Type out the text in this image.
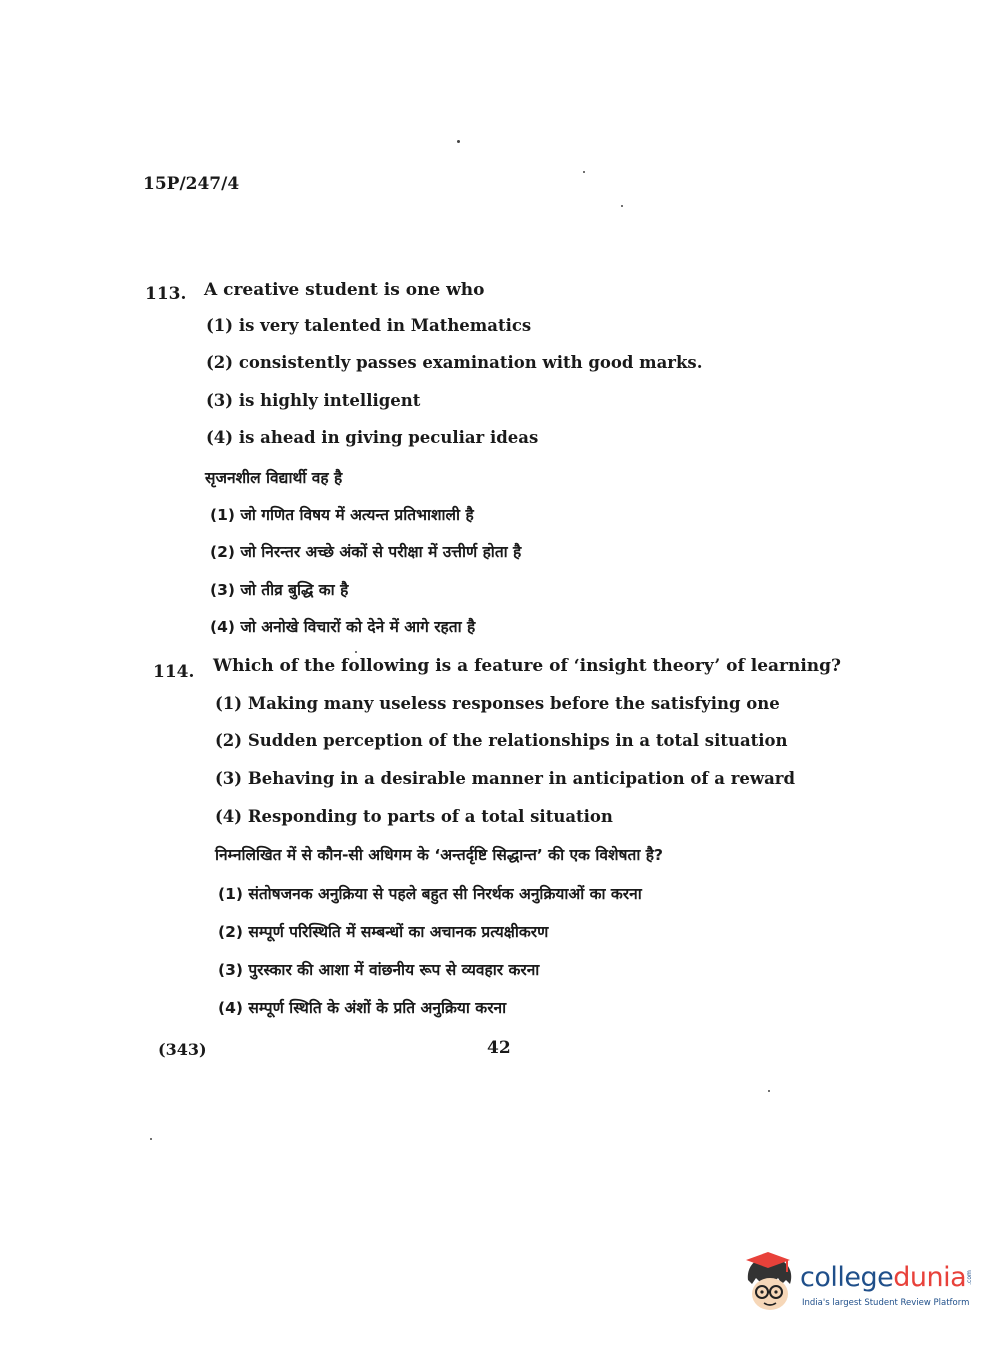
15P/247/4
113. A creative student is one who
(1) is very talented in Mathematics
(2) consistently passes examination with good marks.
(3) is highly intelligent
(4) is ahead in giving peculiar ideas
सृजनशील विद्यार्थी वह है
(1) जो गणित विषय में अत्यन्त प्रतिभाशाली है
(2) जो निरन्तर अच्छे अंकों से परीक्षा में उत्तीर्ण होता है
(3) जो तीव्र बुद्धि का है
(4) जो अनोखे विचारों को देने में आगे रहता है
114. Which of the following is a feature of ‘insight theory’ of learning?
(1) Making many useless responses before the satisfying one
(2) Sudden perception of the relationships in a total situation
(3) Behaving in a desirable manner in anticipation of a reward
(4) Responding to parts of a total situation
निम्नलिखित में से कौन-सी अधिगम के ‘अन्तर्दृष्टि सिद्धान्त’ की एक विशेषता है?
(1) संतोषजनक अनुक्रिया से पहले बहुत सी निरर्थक अनुक्रियाओं का करना
(2) सम्पूर्ण परिस्थिति में सम्बन्धों का अचानक प्रत्यक्षीकरण
(3) पुरस्कार की आशा में वांछनीय रूप से व्यवहार करना
(4) सम्पूर्ण स्थिति के अंशों के प्रति अनुक्रिया करना
(343)	42
collegedunia .com
India's largest Student Review Platform
